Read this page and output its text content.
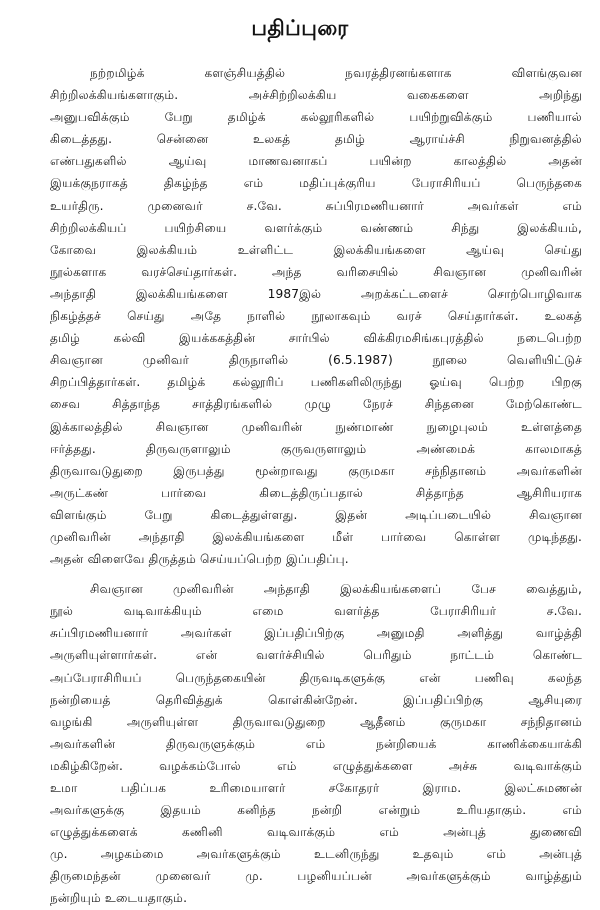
பதிப்புரை
நற்றமிழ்க் களஞ்சியத்தில் நவரத்திரனங்களாக விளங்குவன
சிற்றிலக்கியங்களாகும். அச்சிற்றிலக்கிய வகைகளை அறிந்து
அனுபவிக்கும் பேறு தமிழ்க் கல்லூரிகளில் பயிற்றுவிக்கும் பணியால்
கிடைத்தது. சென்னை உலகத் தமிழ் ஆராய்ச்சி நிறுவனத்தில்
எண்பதுகளில் ஆய்வு மாணவனாகப் பயின்ற காலத்தில் அதன்
இயக்குநராகத் திகழ்ந்த எம் மதிப்புக்குரிய பேராசிரியப் பெருந்தகை
உயர்திரு. முனைவர் ச.வே. சுப்பிரமணியனார் அவர்கள் எம்
சிற்றிலக்கியப் பயிற்சியை வளர்க்கும் வண்ணம் சிந்து இலக்கியம்,
கோவை இலக்கியம் உள்ளிட்ட இலக்கியங்களை ஆய்வு செய்து
நூல்களாக வரச்செய்தார்கள். அந்த வரிசையில் சிவஞான முனிவரின்
அந்தாதி இலக்கியங்களை 1987இல் அறக்கட்டளைச் சொற்பொழிவாக
நிகழ்த்தச் செய்து அதே நாளில் நூலாகவும் வரச் செய்தார்கள். உலகத்
தமிழ் கல்வி இயக்ககத்தின் சார்பில் விக்கிரமசிங்கபுரத்தில் நடைபெற்ற
சிவஞான முனிவர் திருநாளில் (6.5.1987) நூலை வெளியிட்டுச்
சிறப்பித்தார்கள். தமிழ்க் கல்லூரிப் பணிகளிலிருந்து ஓய்வு பெற்ற பிறகு
சைவ சித்தாந்த சாத்திரங்களில் முழு நேரச் சிந்தனை மேற்கொண்ட
இக்காலத்தில் சிவஞான முனிவரின் நுண்மாண் நுழைபுலம் உள்ளத்தை
ஈர்த்தது. திருவருளாலும் குருவருளாலும் அண்மைக் காலமாகத்
திருவாவடுதுறை இருபத்து மூன்றாவது குருமகா சந்நிதானம் அவர்களின்
அருட்கண் பார்வை கிடைத்திருப்பதால் சித்தாந்த ஆசிரியராக
விளங்கும் பேறு கிடைத்துள்ளது. இதன் அடிப்படையில் சிவஞான
முனிவரின் அந்தாதி இலக்கியங்களை மீள் பார்வை கொள்ள முடிந்தது.
அதன் விளைவே திருத்தம் செய்யப்பெற்ற இப்பதிப்பு.
சிவஞான முனிவரின் அந்தாதி இலக்கியங்களைப் பேச வைத்தும்,
நூல் வடிவாக்கியும் எமை வளர்த்த பேராசிரியர் ச.வே.
சுப்பிரமணியனார் அவர்கள் இப்பதிப்பிற்கு அனுமதி அளித்து வாழ்த்தி
அருளியுள்ளார்கள். என் வளர்ச்சியில் பெரிதும் நாட்டம் கொண்ட
அப்பேராசிரியப் பெருந்தகையின் திருவடிகளுக்கு என் பணிவு கலந்த
நன்றியைத் தெரிவித்துக் கொள்கின்றேன். இப்பதிப்பிற்கு ஆசியுரை
வழங்கி அருளியுள்ள திருவாவடுதுறை ஆதீனம் குருமகா சந்நிதானம்
அவர்களின் திருவருளுக்கும் எம் நன்றியைக் காணிக்கையாக்கி
மகிழ்கிறேன். வழக்கம்போல் எம் எழுத்துக்களை அச்சு வடிவாக்கும்
உமா பதிப்பக உரிமையாளர் சகோதரர் இராம. இலட்சுமணன்
அவர்களுக்கு இதயம் கனிந்த நன்றி என்றும் உரியதாகும். எம்
எழுத்துக்களைக் கணினி வடிவாக்கும் எம் அன்புத் துணைவி
மு. அழகம்மை அவர்களுக்கும் உடனிருந்து உதவும் எம் அன்புத்
திருமைந்தன் முனைவர் மு. பழனியப்பன் அவர்களுக்கும் வாழ்த்தும்
நன்றியும் உடையதாகும்.
